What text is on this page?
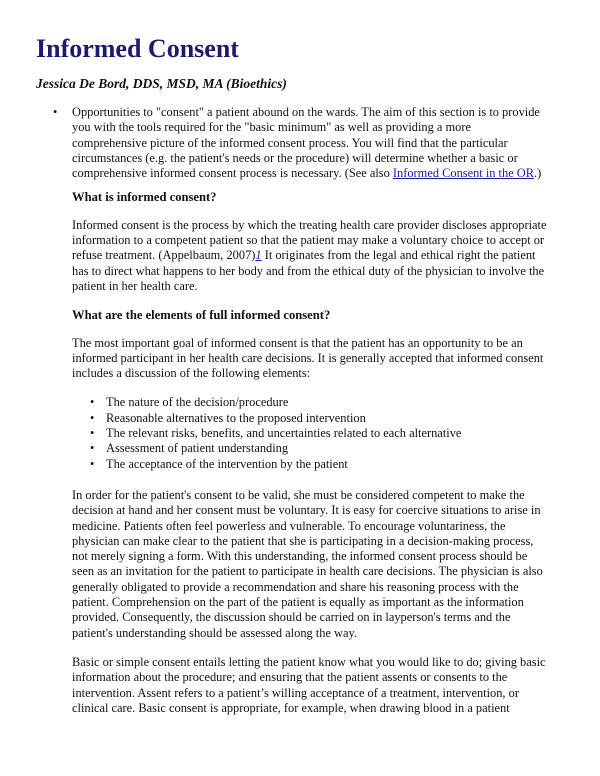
Informed Consent

Jessica De Bord, DDS, MSD, MA (Bioethics)

• Opportunities to "consent" a patient abound on the wards. The aim of this section is to provide you with the tools required for the "basic minimum" as well as providing a more comprehensive picture of the informed consent process. You will find that the particular circumstances (e.g. the patient's needs or the procedure) will determine whether a basic or comprehensive informed consent process is necessary. (See also Informed Consent in the OR.)

What is informed consent?

Informed consent is the process by which the treating health care provider discloses appropriate information to a competent patient so that the patient may make a voluntary choice to accept or refuse treatment. (Appelbaum, 2007)1 It originates from the legal and ethical right the patient has to direct what happens to her body and from the ethical duty of the physician to involve the patient in her health care.

What are the elements of full informed consent?

The most important goal of informed consent is that the patient has an opportunity to be an informed participant in her health care decisions. It is generally accepted that informed consent includes a discussion of the following elements:

• The nature of the decision/procedure
• Reasonable alternatives to the proposed intervention
• The relevant risks, benefits, and uncertainties related to each alternative
• Assessment of patient understanding
• The acceptance of the intervention by the patient

In order for the patient's consent to be valid, she must be considered competent to make the decision at hand and her consent must be voluntary. It is easy for coercive situations to arise in medicine. Patients often feel powerless and vulnerable. To encourage voluntariness, the physician can make clear to the patient that she is participating in a decision-making process, not merely signing a form. With this understanding, the informed consent process should be seen as an invitation for the patient to participate in health care decisions. The physician is also generally obligated to provide a recommendation and share his reasoning process with the patient. Comprehension on the part of the patient is equally as important as the information provided. Consequently, the discussion should be carried on in layperson's terms and the patient's understanding should be assessed along the way.

Basic or simple consent entails letting the patient know what you would like to do; giving basic information about the procedure; and ensuring that the patient assents or consents to the intervention. Assent refers to a patient’s willing acceptance of a treatment, intervention, or clinical care. Basic consent is appropriate, for example, when drawing blood in a patient
